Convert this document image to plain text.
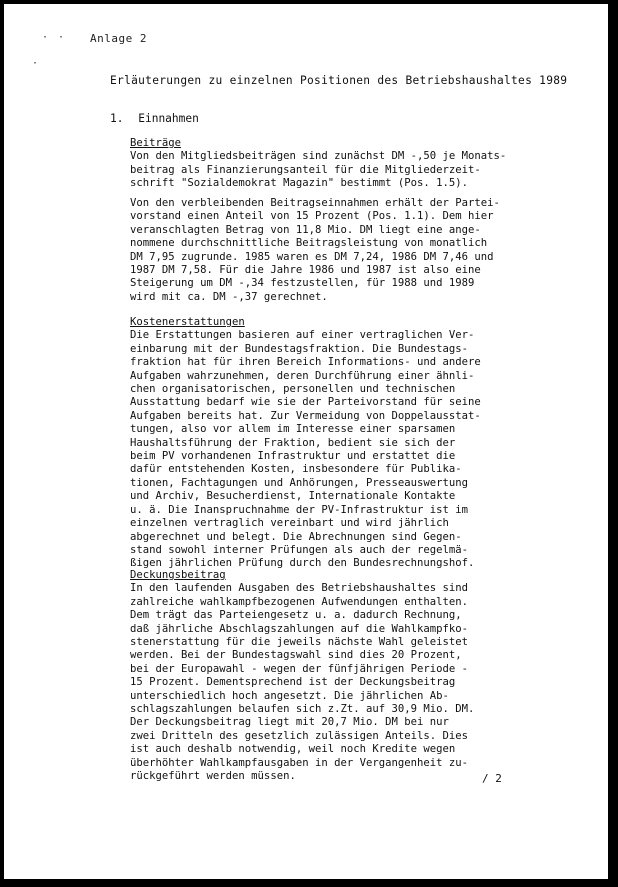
· ·
·
Anlage 2
Erläuterungen zu einzelnen Positionen des Betriebshaushaltes 1989
1. Einnahmen
Beiträge
Von den Mitgliedsbeiträgen sind zunächst DM -,50 je Monats-
beitrag als Finanzierungsanteil für die Mitgliederzeit-
schrift "Sozialdemokrat Magazin" bestimmt (Pos. 1.5).
Von den verbleibenden Beitragseinnahmen erhält der Partei-
vorstand einen Anteil von 15 Prozent (Pos. 1.1). Dem hier
veranschlagten Betrag von 11,8 Mio. DM liegt eine ange-
nommene durchschnittliche Beitragsleistung von monatlich
DM 7,95 zugrunde. 1985 waren es DM 7,24, 1986 DM 7,46 und
1987 DM 7,58. Für die Jahre 1986 und 1987 ist also eine
Steigerung um DM -,34 festzustellen, für 1988 und 1989
wird mit ca. DM -,37 gerechnet.
Kostenerstattungen
Die Erstattungen basieren auf einer vertraglichen Ver-
einbarung mit der Bundestagsfraktion. Die Bundestags-
fraktion hat für ihren Bereich Informations- und andere
Aufgaben wahrzunehmen, deren Durchführung einer ähnli-
chen organisatorischen, personellen und technischen
Ausstattung bedarf wie sie der Parteivorstand für seine
Aufgaben bereits hat. Zur Vermeidung von Doppelausstat-
tungen, also vor allem im Interesse einer sparsamen
Haushaltsführung der Fraktion, bedient sie sich der
beim PV vorhandenen Infrastruktur und erstattet die
dafür entstehenden Kosten, insbesondere für Publika-
tionen, Fachtagungen und Anhörungen, Presseauswertung
und Archiv, Besucherdienst, Internationale Kontakte
u. ä. Die Inanspruchnahme der PV-Infrastruktur ist im
einzelnen vertraglich vereinbart und wird jährlich
abgerechnet und belegt. Die Abrechnungen sind Gegen-
stand sowohl interner Prüfungen als auch der regelmä-
ßigen jährlichen Prüfung durch den Bundesrechnungshof.
Deckungsbeitrag
In den laufenden Ausgaben des Betriebshaushaltes sind
zahlreiche wahlkampfbezogenen Aufwendungen enthalten.
Dem trägt das Parteiengesetz u. a. dadurch Rechnung,
daß jährliche Abschlagszahlungen auf die Wahlkampfko-
stenerstattung für die jeweils nächste Wahl geleistet
werden. Bei der Bundestagswahl sind dies 20 Prozent,
bei der Europawahl - wegen der fünfjährigen Periode -
15 Prozent. Dementsprechend ist der Deckungsbeitrag
unterschiedlich hoch angesetzt. Die jährlichen Ab-
schlagszahlungen belaufen sich z.Zt. auf 30,9 Mio. DM.
Der Deckungsbeitrag liegt mit 20,7 Mio. DM bei nur
zwei Dritteln des gesetzlich zulässigen Anteils. Dies
ist auch deshalb notwendig, weil noch Kredite wegen
überhöhter Wahlkampfausgaben in der Vergangenheit zu-
rückgeführt werden müssen.	/ 2
